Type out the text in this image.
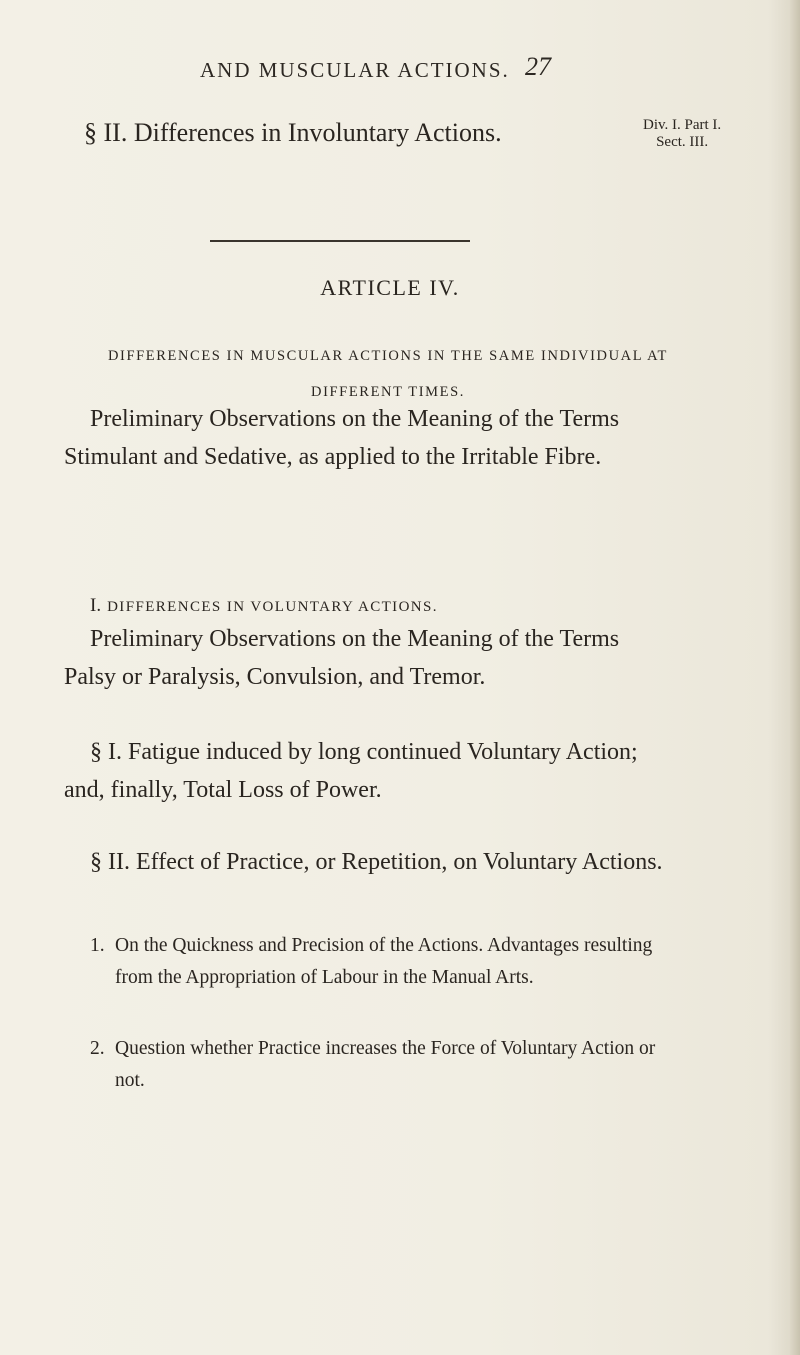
AND MUSCULAR ACTIONS. 27
§ II. Differences in Involuntary Actions.	Div. I. Part I.
Sect. III.
ARTICLE IV.
DIFFERENCES IN MUSCULAR ACTIONS IN THE SAME INDIVIDUAL AT DIFFERENT TIMES.
Preliminary Observations on the Meaning of the Terms Stimulant and Sedative, as applied to the Irritable Fibre.
I. DIFFERENCES IN VOLUNTARY ACTIONS.
Preliminary Observations on the Meaning of the Terms Palsy or Paralysis, Convulsion, and Tremor.
§ I. Fatigue induced by long continued Voluntary Action; and, finally, Total Loss of Power.
§ II. Effect of Practice, or Repetition, on Voluntary Actions.
1. On the Quickness and Precision of the Actions. Advantages resulting from the Appropriation of Labour in the Manual Arts.
2. Question whether Practice increases the Force of Voluntary Action or not.
